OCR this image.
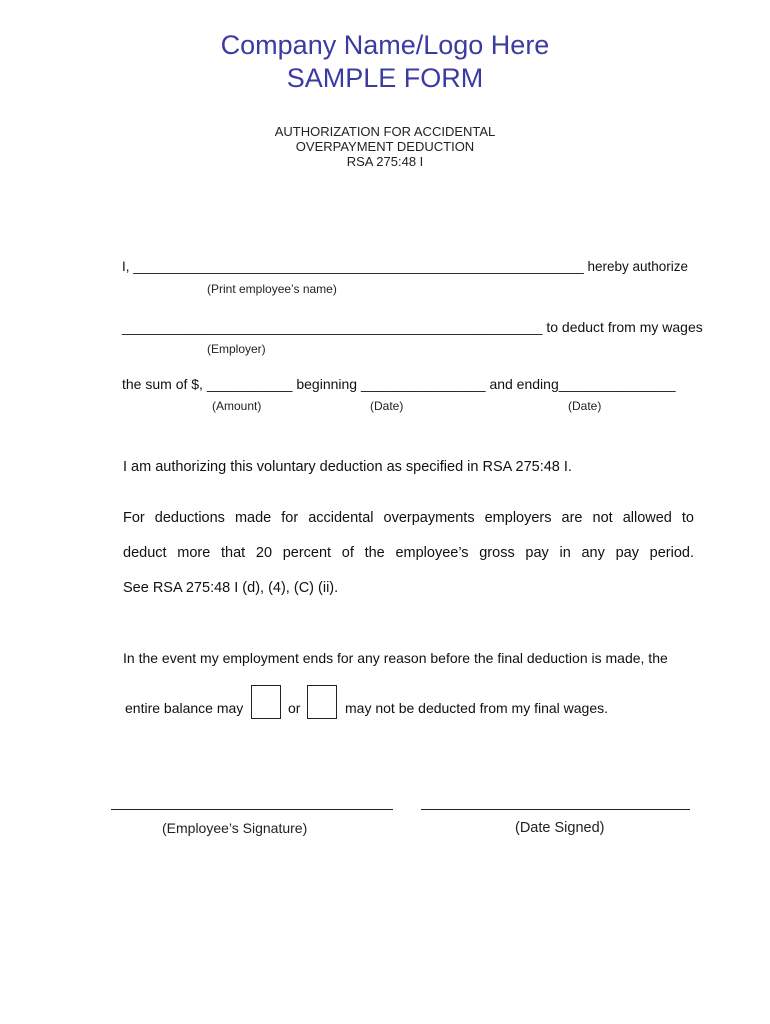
Company Name/Logo Here
SAMPLE FORM
AUTHORIZATION FOR ACCIDENTAL
OVERPAYMENT DEDUCTION
RSA 275:48 I
I, ____________________________________________________________ hereby authorize
(Print employee’s name)
______________________________________________________ to deduct from my wages
(Employer)
the sum of $, ___________ beginning ________________ and ending_______________
(Amount)	(Date)	(Date)
I am authorizing this voluntary deduction as specified in RSA 275:48 I.
For deductions made for accidental overpayments employers are not allowed to
deduct more that 20 percent of the employee’s gross pay in any pay period.
See RSA 275:48 I (d), (4), (C) (ii).
In the event my employment ends for any reason before the final deduction is made, the
entire balance may	or	may not be deducted from my final wages.
(Employee’s Signature)	(Date Signed)
